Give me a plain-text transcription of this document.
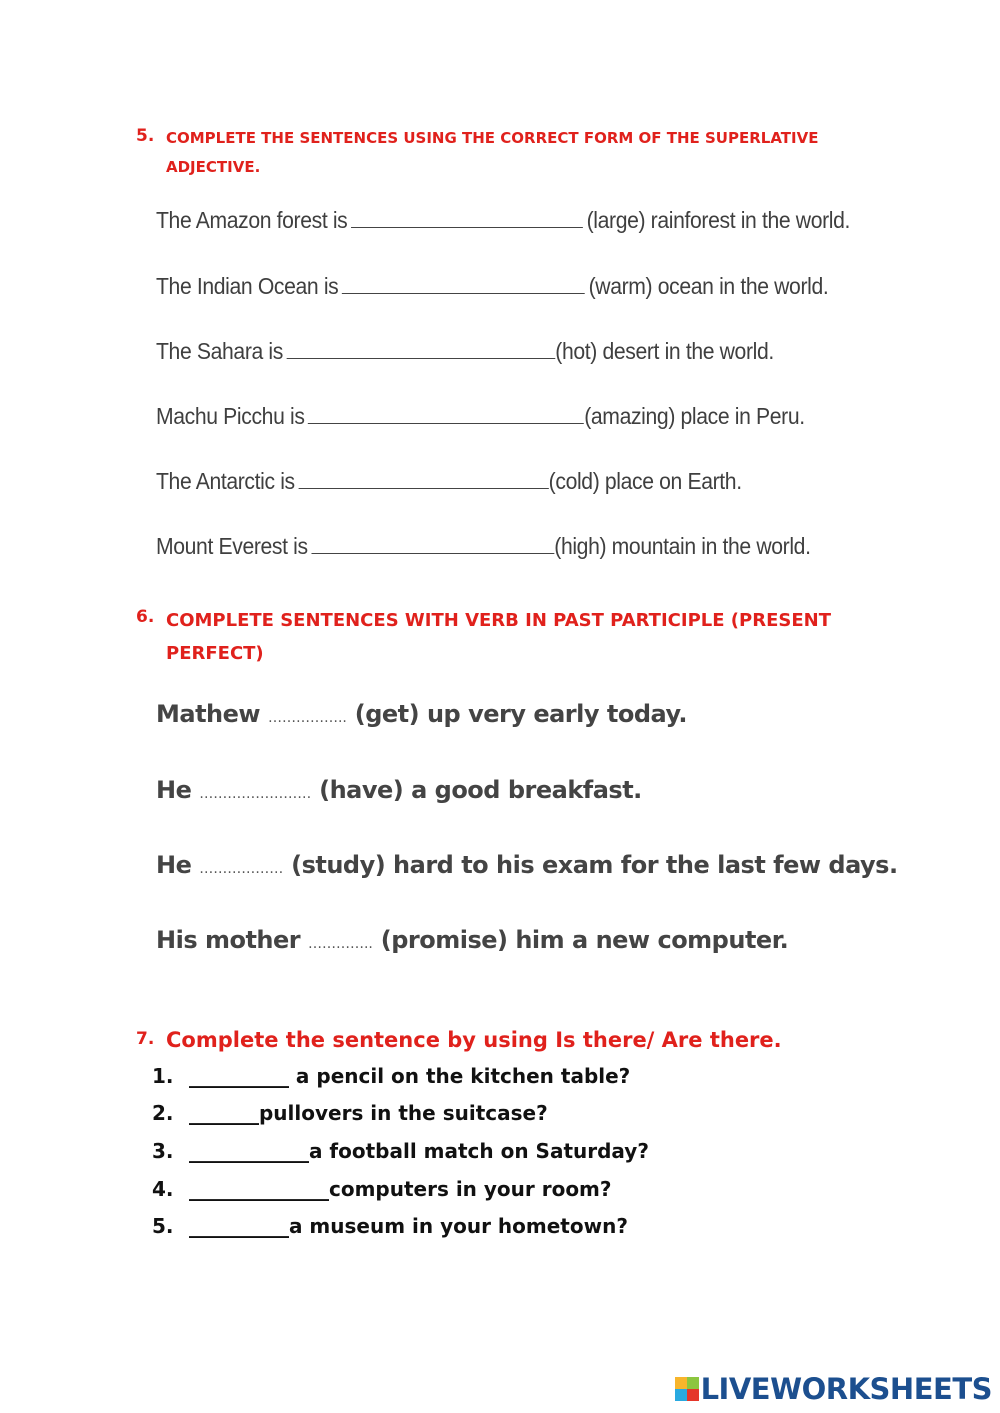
5. COMPLETE THE SENTENCES USING THE CORRECT FORM OF THE SUPERLATIVE ADJECTIVE.
The Amazon forest is	(large) rainforest in the world.
The Indian Ocean is	(warm) ocean in the world.
The Sahara is	(hot) desert in the world.
Machu Picchu is	(amazing) place in Peru.
The Antarctic is	(cold) place on Earth.
Mount Everest is	(high) mountain in the world.
6. COMPLETE SENTENCES WITH VERB IN PAST PARTICIPLE (PRESENT PERFECT)
Mathew …………….. (get) up very early today.
He …………………… (have) a good breakfast.
He ……………… (study) hard to his exam for the last few days.
His mother ………….. (promise) him a new computer.
7. Complete the sentence by using Is there/ Are there.
1. __________ a pencil on the kitchen table?
2. _______pullovers in the suitcase?
3. ____________a football match on Saturday?
4. ______________computers in your room?
5. __________a museum in your hometown?
LIVEWORKSHEETS
